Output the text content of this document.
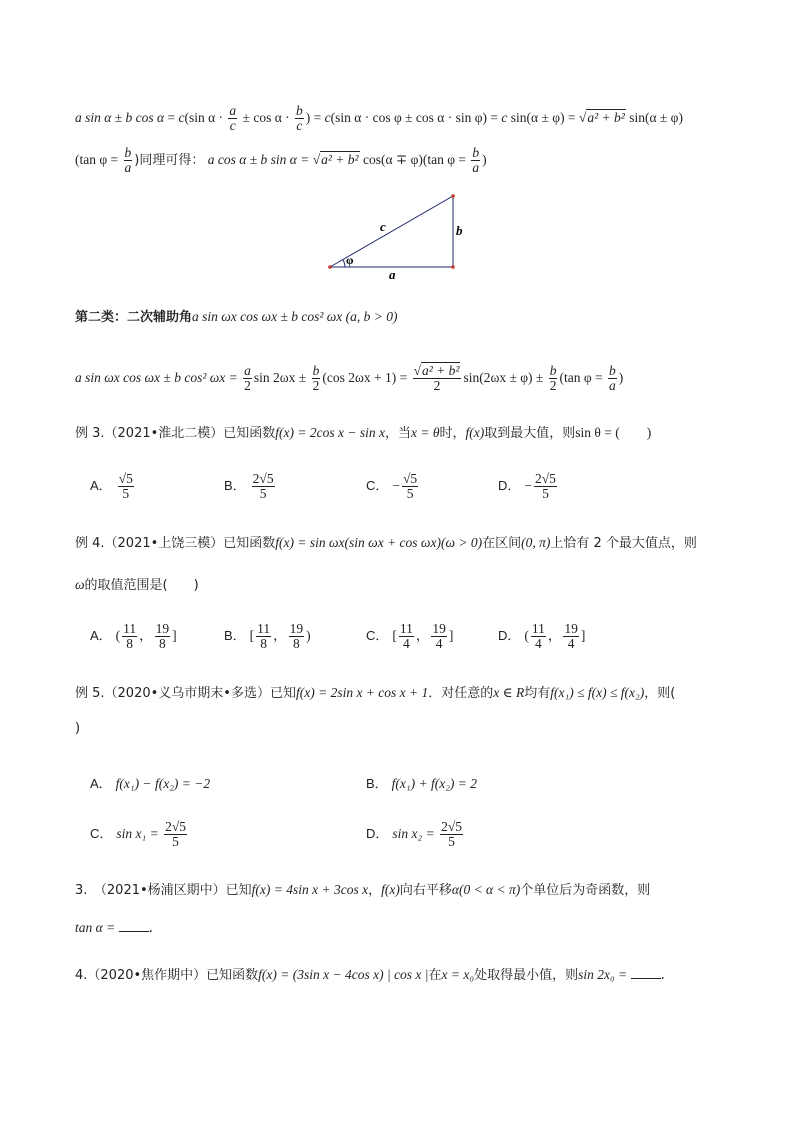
a sin α ± b cos α = c(sin $\alpha \cdot \frac{a}{c} \pm \cos \alpha \cdot \frac{b}{c}$ ) = c(sin α · cos φ ± cos α · sin φ) = c sin(α ± φ) = √a² + b² sin(α ± φ)
(tan $\varphi = \frac{b}{a}$ )同理可得： a cos α ± b sin α = √a² + b² cos(α ∓ φ)(tan $\varphi = \frac{b}{a}$ )
c	b
a
φ
第二类：二次辅助角a sin ωx cos ωx ± b cos² ωx (a, b > 0)
a sin ωx cos ωx ± b cos² $\omega x = \frac{a}{2}$ $\sin 2\omega x \pm \frac{b}{2} (\cos$ $2\omega x + 1) = \frac{\text{√a² + b²}}{2} \sin(2\omega x \pm \varphi) \pm \frac{b}{2} (\tan$ $\varphi = \frac{b}{a}$ )
例 3.（2021•淮北二模）已知函数f(x) = 2cos x − sin x，当x = θ时，f(x)取到最大值，则sin θ = (　　)
A． $\frac{√5}{5}$	B． $\frac{2√5}{5}$	C． − $\frac{√5}{5}$	D． − $\frac{2√5}{5}$
例 4.（2021•上饶三模）已知函数f(x) = sin ωx(sin ωx + cos ωx)(ω > 0)在区间(0, π)上恰有 2 个最大值点，则
ω的取值范围是(　　)
A． ( $\frac{11}{8}$ ， $\frac{19}{8}$ ]	B． [ $\frac{11}{8}$ ， $\frac{19}{8}$ )	C． [ $\frac{11}{4}$ ， $\frac{19}{4}$ ]	D． ( $\frac{11}{4}$ ， $\frac{19}{4}$ ]
例 5.（2020•义乌市期末•多选）已知f(x) = 2sin x + cos x + 1．对任意的x ∈ R均有f(x₁) ≤ f(x) ≤ f(x₂)，则(
)
A． f(x₁) − f(x₂) = −2	B． f(x₁) + f(x₂) = 2
C． $\sin x_1 = \frac{2√5}{5}$	D． $\sin x_2 = \frac{2√5}{5}$
3.　（2021•杨浦区期中）已知f(x) = 4sin x + 3cos x，f(x)向右平移α(0 < α < π)个单位后为奇函数，则
tan α = .
4.（2020•焦作期中）已知函数f(x) = (3sin x − 4cos x) | cos x |在x = x₀处取得最小值，则sin 2x₀ = .
